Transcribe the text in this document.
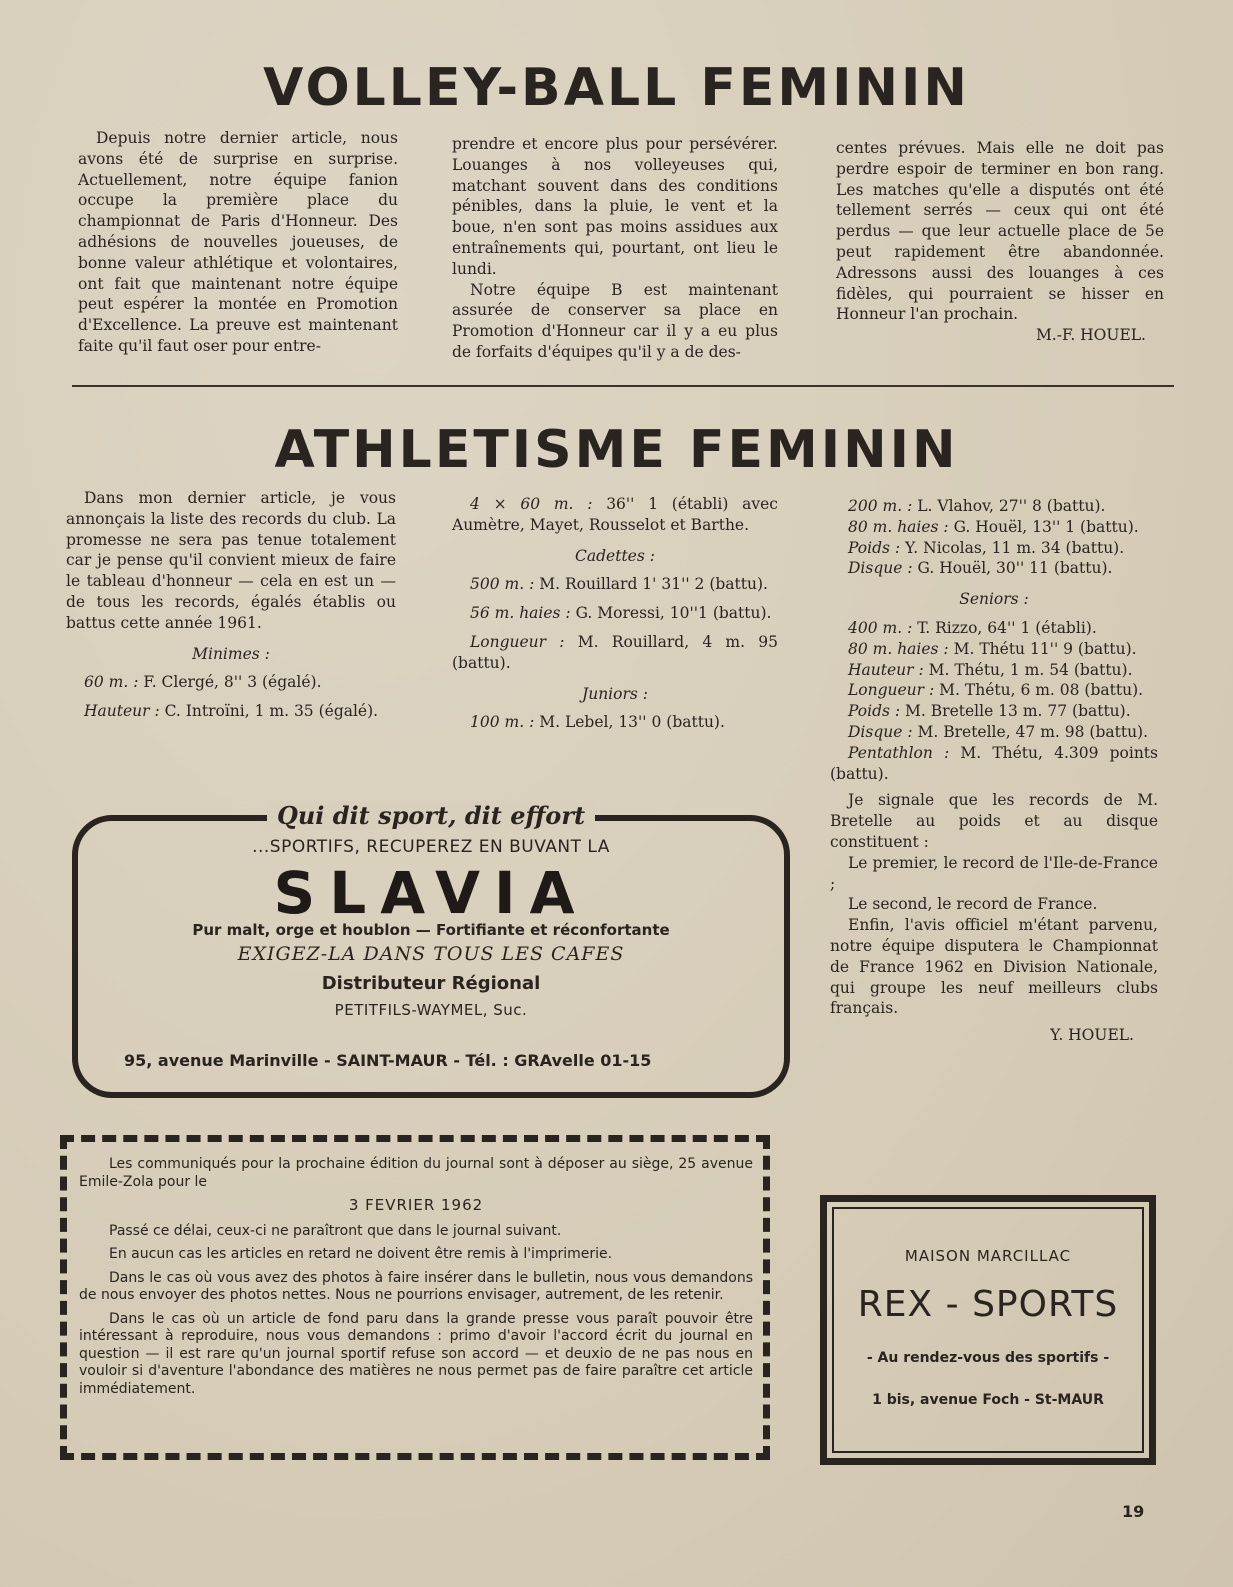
VOLLEY-BALL FEMININ

Depuis notre dernier article, nous avons été de surprise en surprise. Actuellement, notre équipe fanion occupe la première place du championnat de Paris d'Honneur. Des adhésions de nouvelles joueuses, de bonne valeur athlétique et volontaires, ont fait que maintenant notre équipe peut espérer la montée en Promotion d'Excellence. La preuve est maintenant faite qu'il faut oser pour entre-

prendre et encore plus pour persévérer. Louanges à nos volleyeuses qui, matchant souvent dans des conditions pénibles, dans la pluie, le vent et la boue, n'en sont pas moins assidues aux entraînements qui, pourtant, ont lieu le lundi.

Notre équipe B est maintenant assurée de conserver sa place en Promotion d'Honneur car il y a eu plus de forfaits d'équipes qu'il y a de des-

centes prévues. Mais elle ne doit pas perdre espoir de terminer en bon rang. Les matches qu'elle a disputés ont été tellement serrés — ceux qui ont été perdus — que leur actuelle place de 5e peut rapidement être abandonnée. Adressons aussi des louanges à ces fidèles, qui pourraient se hisser en Honneur l'an prochain.

M.-F. HOUEL.

ATHLETISME FEMININ

Dans mon dernier article, je vous annonçais la liste des records du club. La promesse ne sera pas tenue totalement car je pense qu'il convient mieux de faire le tableau d'honneur — cela en est un — de tous les records, égalés établis ou battus cette année 1961.

Minimes :

60 m. : F. Clergé, 8'' 3 (égalé).

Hauteur : C. Introïni, 1 m. 35 (égalé).

4 × 60 m. : 36'' 1 (établi) avec Aumètre, Mayet, Rousselot et Barthe.

Cadettes :

500 m. : M. Rouillard 1' 31'' 2 (battu).

56 m. haies : G. Moressi, 10''1 (battu).

Longueur : M. Rouillard, 4 m. 95 (battu).

Juniors :

100 m. : M. Lebel, 13'' 0 (battu).

200 m. : L. Vlahov, 27'' 8 (battu).

80 m. haies : G. Houël, 13'' 1 (battu).

Poids : Y. Nicolas, 11 m. 34 (battu).

Disque : G. Houël, 30'' 11 (battu).

Seniors :

400 m. : T. Rizzo, 64'' 1 (établi).

80 m. haies : M. Thétu 11'' 9 (battu).

Hauteur : M. Thétu, 1 m. 54 (battu).

Longueur : M. Thétu, 6 m. 08 (battu).

Poids : M. Bretelle 13 m. 77 (battu).

Disque : M. Bretelle, 47 m. 98 (battu).

Pentathlon : M. Thétu, 4.309 points (battu).

Je signale que les records de M. Bretelle au poids et au disque constituent :

Le premier, le record de l'Ile-de-France ;

Le second, le record de France.

Enfin, l'avis officiel m'étant parvenu, notre équipe disputera le Championnat de France 1962 en Division Nationale, qui groupe les neuf meilleurs clubs français.

Y. HOUEL.

Qui dit sport, dit effort
...SPORTIFS, RECUPEREZ EN BUVANT LA
SLAVIA
Pur malt, orge et houblon — Fortifiante et réconfortante
EXIGEZ-LA DANS TOUS LES CAFES
Distributeur Régional
PETITFILS-WAYMEL, Suc.
95, avenue Marinville - SAINT-MAUR - Tél. : GRAvelle 01-15

Les communiqués pour la prochaine édition du journal sont à déposer au siège, 25 avenue Emile-Zola pour le

3 FEVRIER 1962

Passé ce délai, ceux-ci ne paraîtront que dans le journal suivant.

En aucun cas les articles en retard ne doivent être remis à l'imprimerie.

Dans le cas où vous avez des photos à faire insérer dans le bulletin, nous vous demandons de nous envoyer des photos nettes. Nous ne pourrions envisager, autrement, de les retenir.

Dans le cas où un article de fond paru dans la grande presse vous paraît pouvoir être intéressant à reproduire, nous vous demandons : primo d'avoir l'accord écrit du journal en question — il est rare qu'un journal sportif refuse son accord — et deuxio de ne pas nous en vouloir si d'aventure l'abondance des matières ne nous permet pas de faire paraître cet article immédiatement.

MAISON MARCILLAC
REX - SPORTS
- Au rendez-vous des sportifs -
1 bis, avenue Foch - St-MAUR
19
